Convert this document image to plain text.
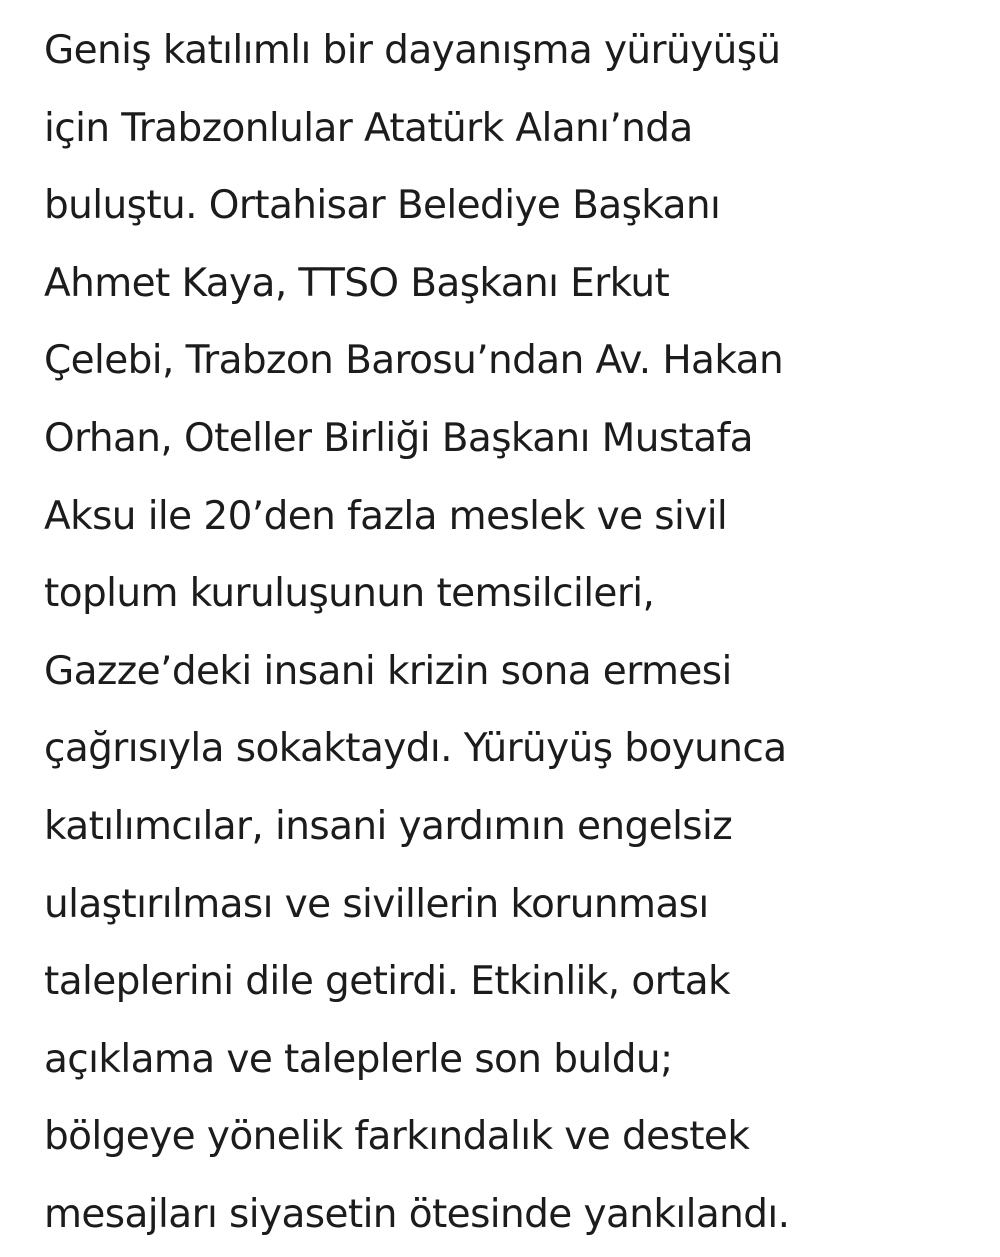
Geniş katılımlı bir dayanışma yürüyüşü
için Trabzonlular Atatürk Alanı’nda
buluştu. Ortahisar Belediye Başkanı
Ahmet Kaya, TTSO Başkanı Erkut
Çelebi, Trabzon Barosu’ndan Av. Hakan
Orhan, Oteller Birliği Başkanı Mustafa
Aksu ile 20’den fazla meslek ve sivil
toplum kuruluşunun temsilcileri,
Gazze’deki insani krizin sona ermesi
çağrısıyla sokaktaydı. Yürüyüş boyunca
katılımcılar, insani yardımın engelsiz
ulaştırılması ve sivillerin korunması
taleplerini dile getirdi. Etkinlik, ortak
açıklama ve taleplerle son buldu;
bölgeye yönelik farkındalık ve destek
mesajları siyasetin ötesinde yankılandı.
